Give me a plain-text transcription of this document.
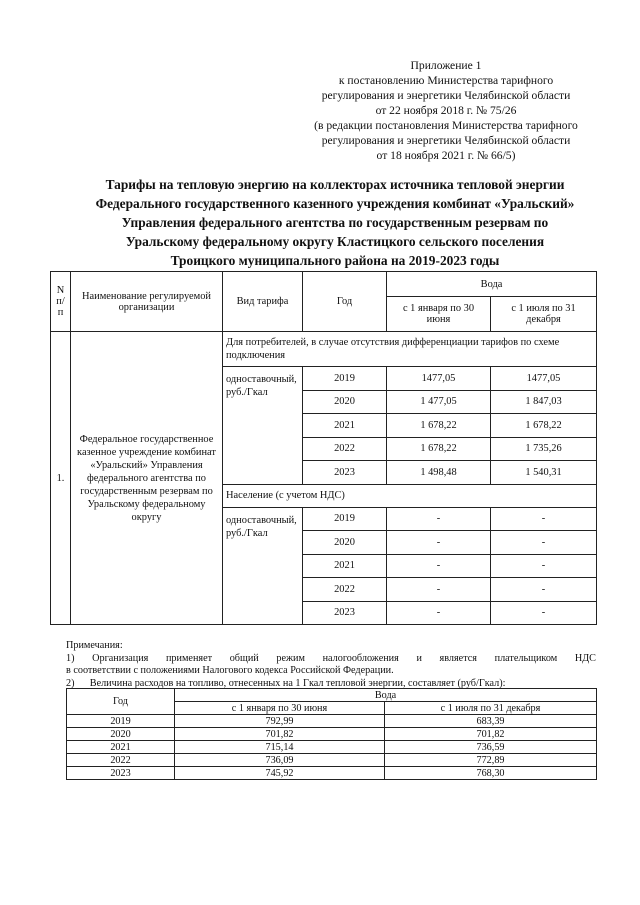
Приложение 1
к постановлению Министерства тарифного
регулирования и энергетики Челябинской области
от 22 ноября 2018 г. № 75/26
(в редакции постановления Министерства тарифного
регулирования и энергетики Челябинской области
от 18 ноября 2021 г. № 66/5)
Тарифы на тепловую энергию на коллекторах источника тепловой энергии
Федерального государственного казенного учреждения комбинат «Уральский»
Управления федерального агентства по государственным резервам по
Уральскому федеральному округу Кластицкого сельского поселения
Троицкого муниципального района на 2019-2023 годы
N п/п	Наименование регулируемой организации	Вид тарифа	Год	Вода	
				с 1 января по 30 июня	с 1 июля по 31 декабря
1.	Федеральное государственное казенное учреждение комбинат «Уральский» Управления федерального агентства по государственным резервам по Уральскому федеральному округу	Для потребителей, в случае отсутствия дифференциации тарифов по схеме подключения			
		одноставочный, руб./Гкал	2019	1477,05	1477,05
			2020	1 477,05	1 847,03
			2021	1 678,22	1 678,22
			2022	1 678,22	1 735,26
			2023	1 498,48	1 540,31
		Население (с учетом НДС)			
		одноставочный, руб./Гкал	2019	-	-
			2020	-	-
			2021	-	-
			2022	-	-
			2023	-	-
Примечания:
1) Организация применяет общий режим налогообложения и является плательщиком НДС
в соответствии с положениями Налогового кодекса Российской Федерации.
2)      Величина расходов на топливо, отнесенных на 1 Гкал тепловой энергии, составляет (руб/Гкал):
Год	Вода	
	с 1 января по 30 июня	с 1 июля по 31 декабря
2019	792,99	683,39
2020	701,82	701,82
2021	715,14	736,59
2022	736,09	772,89
2023	745,92	768,30
